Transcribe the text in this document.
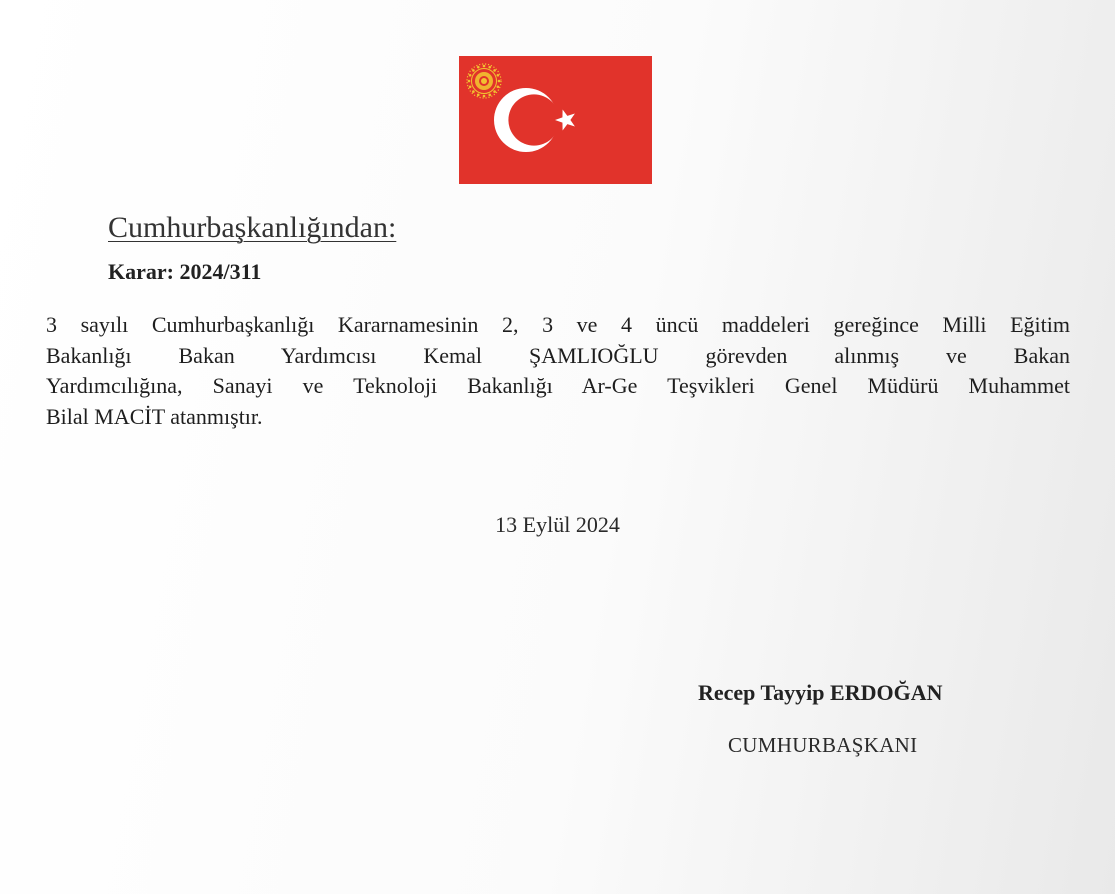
Cumhurbaşkanlığından:
Karar: 2024/311
3 sayılı Cumhurbaşkanlığı Kararnamesinin 2, 3 ve 4 üncü maddeleri gereğince Milli Eğitim
Bakanlığı Bakan Yardımcısı Kemal ŞAMLIOĞLU görevden alınmış ve Bakan
Yardımcılığına, Sanayi ve Teknoloji Bakanlığı Ar-Ge Teşvikleri Genel Müdürü Muhammet
Bilal MACİT atanmıştır.
13 Eylül 2024
Recep Tayyip ERDOĞAN
CUMHURBAŞKANI
